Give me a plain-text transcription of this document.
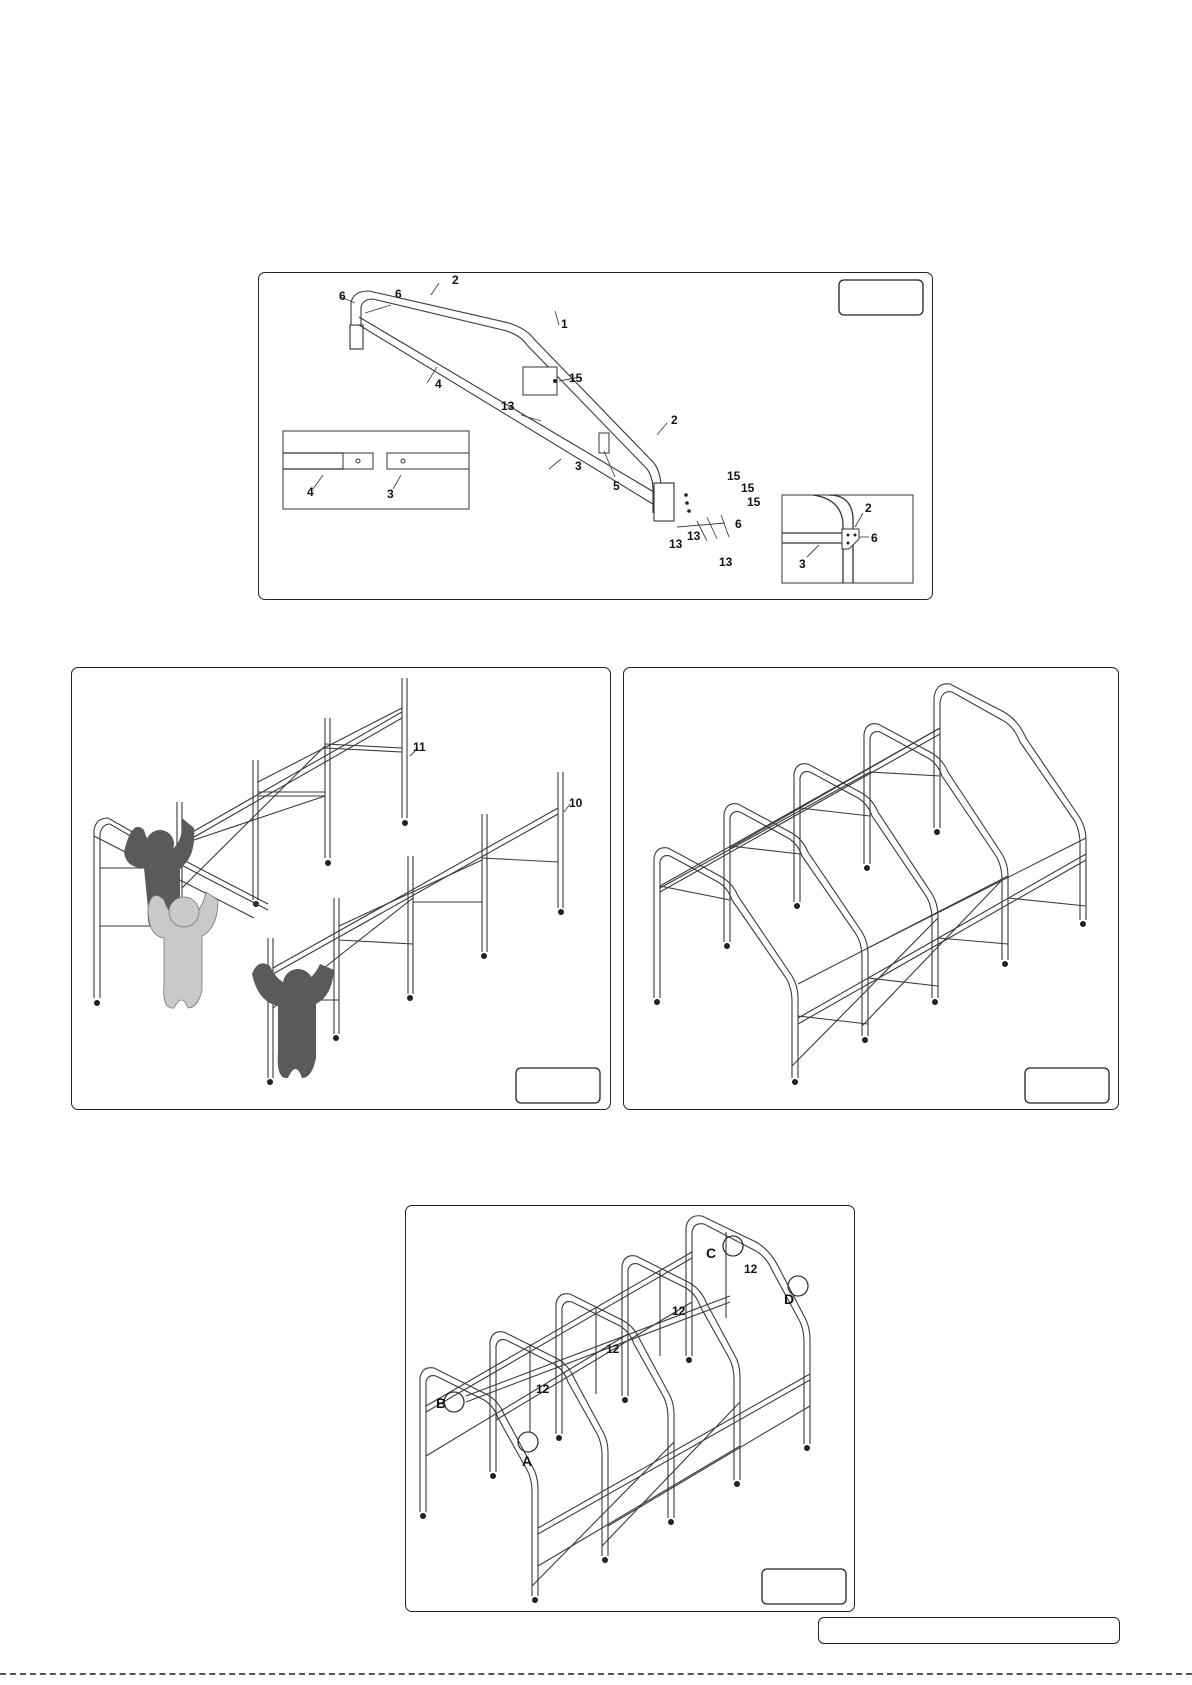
2
1
6	6
4	15
13
3
5
2
15
15
15
6
13
13
13
4	3
2
6
3
11
10
B
A
C
D
12
12
12
12
